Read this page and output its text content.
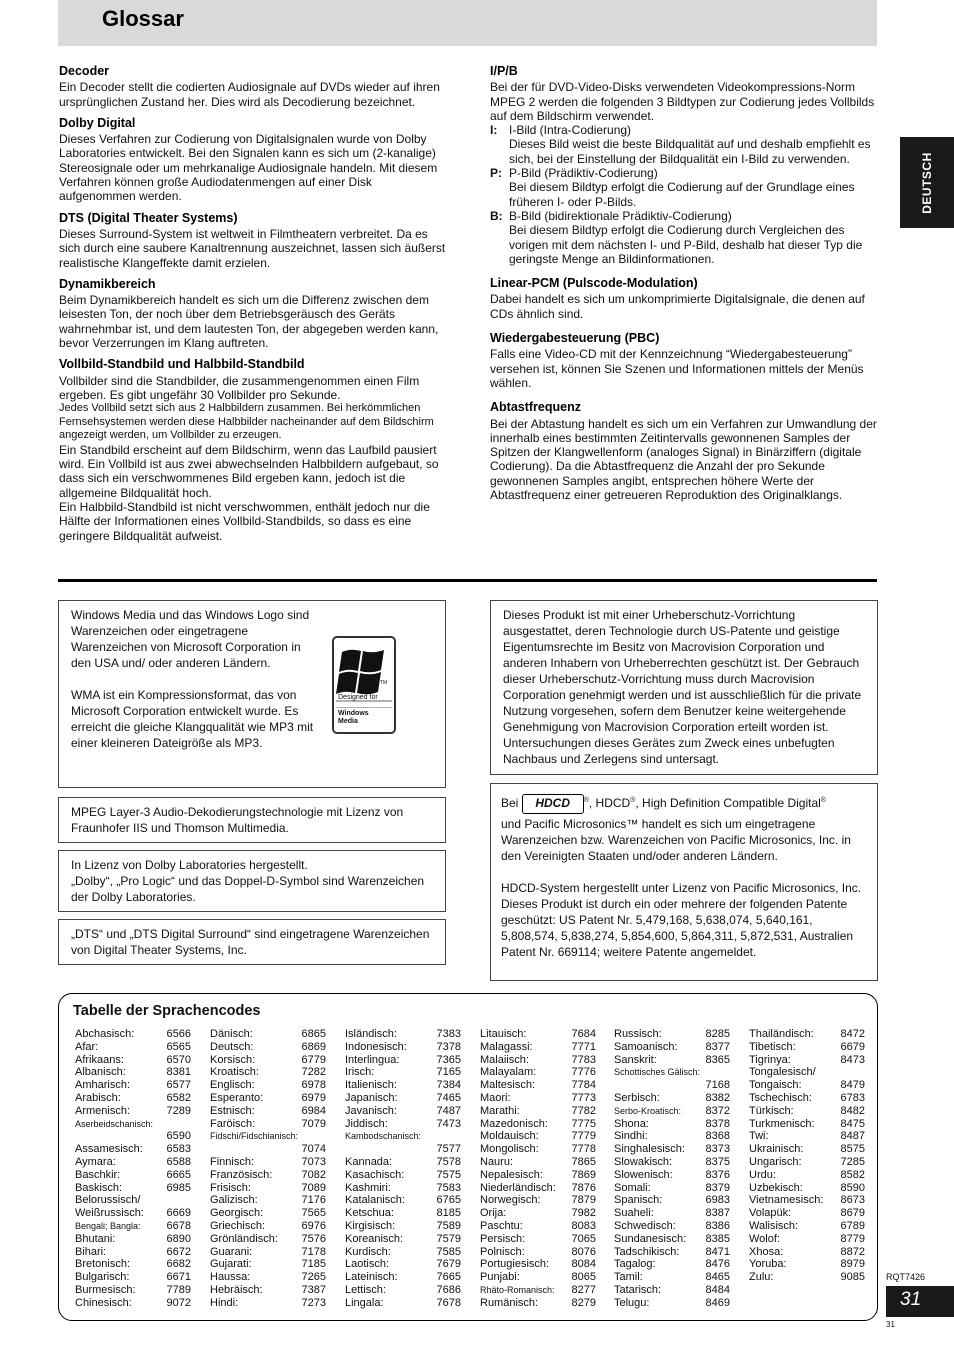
Glossar
DEUTSCH
Decoder

Ein Decoder stellt die codierten Audiosignale auf DVDs wieder auf ihren ursprünglichen Zustand her. Dies wird als Decodierung bezeichnet.

Dolby Digital

Dieses Verfahren zur Codierung von Digitalsignalen wurde von Dolby Laboratories entwickelt. Bei den Signalen kann es sich um (2-kanalige) Stereosignale oder um mehrkanalige Audiosignale handeln. Mit diesem Verfahren können große Audiodatenmengen auf einer Disk aufgenommen werden.

DTS (Digital Theater Systems)

Dieses Surround-System ist weltweit in Filmtheatern verbreitet. Da es sich durch eine saubere Kanaltrennung auszeichnet, lassen sich äußerst realistische Klangeffekte damit erzielen.

Dynamikbereich

Beim Dynamikbereich handelt es sich um die Differenz zwischen dem leisesten Ton, der noch über dem Betriebsgeräusch des Geräts wahrnehmbar ist, und dem lautesten Ton, der abgegeben werden kann, bevor Verzerrungen im Klang auftreten.

Vollbild-Standbild und Halbbild-Standbild

Vollbilder sind die Standbilder, die zusammengenommen einen Film ergeben. Es gibt ungefähr 30 Vollbilder pro Sekunde.

Jedes Vollbild setzt sich aus 2 Halbbildern zusammen. Bei herkömmlichen Fernsehsystemen werden diese Halbbilder nacheinander auf dem Bildschirm angezeigt werden, um Vollbilder zu erzeugen.

Ein Standbild erscheint auf dem Bildschirm, wenn das Laufbild pausiert wird. Ein Vollbild ist aus zwei abwechselnden Halbbildern aufgebaut, so dass sich ein verschwommenes Bild ergeben kann, jedoch ist die allgemeine Bildqualität hoch.

Ein Halbbild-Standbild ist nicht verschwommen, enthält jedoch nur die Hälfte der Informationen eines Vollbild-Standbilds, so dass es eine geringere Bildqualität aufweist.

I/P/B

Bei der für DVD-Video-Disks verwendeten Videokompressions-Norm MPEG 2 werden die folgenden 3 Bildtypen zur Codierung jedes Vollbilds auf dem Bildschirm verwendet.

I: I-Bild (Intra-Codierung)

Dieses Bild weist die beste Bildqualität auf und deshalb empfiehlt es sich, bei der Einstellung der Bildqualität ein I-Bild zu verwenden.

P: P-Bild (Prädiktiv-Codierung)

Bei diesem Bildtyp erfolgt die Codierung auf der Grundlage eines früheren I- oder P-Bilds.

B: B-Bild (bidirektionale Prädiktiv-Codierung)

Bei diesem Bildtyp erfolgt die Codierung durch Vergleichen des vorigen mit dem nächsten I- und P-Bild, deshalb hat dieser Typ die geringste Menge an Bildinformationen.

Linear-PCM (Pulscode-Modulation)

Dabei handelt es sich um unkomprimierte Digitalsignale, die denen auf CDs ähnlich sind.

Wiedergabesteuerung (PBC)

Falls eine Video-CD mit der Kennzeichnung “Wiedergabesteuerung” versehen ist, können Sie Szenen und Informationen mittels der Menüs wählen.

Abtastfrequenz

Bei der Abtastung handelt es sich um ein Verfahren zur Umwandlung der innerhalb eines bestimmten Zeitintervalls gewonnenen Samples der Spitzen der Klangwellenform (analoges Signal) in Binärziffern (digitale Codierung). Da die Abtastfrequenz die Anzahl der pro Sekunde gewonnenen Samples angibt, entsprechen höhere Werte der Abtastfrequenz einer getreueren Reproduktion des Originalklangs.

Windows Media und das Windows Logo sind Warenzeichen oder eingetragene Warenzeichen von Microsoft Corporation in den USA und/ oder anderen Ländern.

WMA ist ein Kompressionsformat, das von Microsoft Corporation entwickelt wurde. Es erreicht die gleiche Klangqualität wie MP3 mit einer kleineren Dateigröße als MP3.

TM
Designed for
Windows
Media

MPEG Layer-3 Audio-Dekodierungstechnologie mit Lizenz von Fraunhofer IIS und Thomson Multimedia.

In Lizenz von Dolby Laboratories hergestellt.

„Dolby“, „Pro Logic“ und das Doppel-D-Symbol sind Warenzeichen der Dolby Laboratories.

„DTS“ und „DTS Digital Surround“ sind eingetragene Warenzeichen von Digital Theater Systems, Inc.

Dieses Produkt ist mit einer Urheberschutz-Vorrichtung ausgestattet, deren Technologie durch US-Patente und geistige Eigentumsrechte im Besitz von Macrovision Corporation und anderen Inhabern von Urheberrechten geschützt ist. Der Gebrauch dieser Urheberschutz-Vorrichtung muss durch Macrovision Corporation genehmigt werden und ist ausschließlich für die private Nutzung vorgesehen, sofern dem Benutzer keine weitergehende Genehmigung von Macrovision Corporation erteilt worden ist. Untersuchungen dieses Gerätes zum Zweck eines unbefugten Nachbaus und Zerlegens sind untersagt.

Bei HDCD ®, HDCD®, High Definition Compatible Digital®

und Pacific Microsonics™ handelt es sich um eingetragene Warenzeichen bzw. Warenzeichen von Pacific Microsonics, Inc. in den Vereinigten Staaten und/oder anderen Ländern.

HDCD-System hergestellt unter Lizenz von Pacific Microsonics, Inc. Dieses Produkt ist durch ein oder mehrere der folgenden Patente geschützt: US Patent Nr. 5,479,168, 5,638,074, 5,640,161, 5,808,574, 5,838,274, 5,854,600, 5,864,311, 5,872,531, Australien Patent Nr. 669114; weitere Patente angemeldet.

Tabelle der Sprachencodes
Abchasisch:	6566
Afar:	6565
Afrikaans:	6570
Albanisch:	8381
Amharisch:	6577
Arabisch:	6582
Armenisch:	7289
Aserbeidschanisch:
6590
Assamesisch: 6583
Aymara:	6588
Baschkir:	6665
Baskisch:	6985
Belorussisch/
Weißrussisch: 6669
Bengali; Bangla: 6678
Bhutani:	6890
Bihari:	6672
Bretonisch:	6682
Bulgarisch:	6671
Burmesisch:	7789
Chinesisch:	9072
Dänisch:	6865
Deutsch:	6869
Korsisch:	6779
Kroatisch:	7282
Englisch:	6978
Esperanto:	6979
Estnisch:	6984
Faröisch:	7079
Fidschi/Fidschianisch:
7074
Finnisch:	7073
Französisch:	7082
Frisisch:	7089
Galizisch:	7176
Georgisch:	7565
Griechisch:	6976
Grönländisch: 7576
Guarani:	7178
Gujarati:	7185
Haussa:	7265
Hebräisch:	7387
Hindi:	7273
Isländisch:	7383
Indonesisch:	7378
Interlingua:	7365
Irisch:	7165
Italienisch:	7384
Japanisch:	7465
Javanisch:	7487
Jiddisch:	7473
Kambodschanisch:
7577
Kannada:	7578
Kasachisch:	7575
Kashmiri:	7583
Katalanisch:	6765
Ketschua:	8185
Kirgisisch:	7589
Koreanisch:	7579
Kurdisch:	7585
Laotisch:	7679
Lateinisch:	7665
Lettisch:	7686
Lingala:	7678
Litauisch:	7684
Malagassi:	7771
Malaiisch:	7783
Malayalam:	7776
Maltesisch:	7784
Maori:	7773
Marathi:	7782
Mazedonisch: 7775
Moldauisch:	7779
Mongolisch:	7778
Nauru:	7865
Nepalesisch:	7869
Niederländisch: 7876
Norwegisch:	7879
Orija:	7982
Paschtu:	8083
Persisch:	7065
Polnisch:	8076
Portugiesisch: 8084
Punjabi:	8065
Rhäto-Romanisch: 8277
Rumänisch:	8279
Russisch:	8285
Samoanisch:	8377
Sanskrit:	8365
Schottisches Gälisch:
7168
Serbisch:	8382
Serbo-Kroatisch: 8372
Shona:	8378
Sindhi:	8368
Singhalesisch: 8373
Slowakisch:	8375
Slowenisch:	8376
Somali:	8379
Spanisch:	6983
Suaheli:	8387
Schwedisch:	8386
Sundanesisch: 8385
Tadschikisch: 8471
Tagalog:	8476
Tamil:	8465
Tatarisch:	8484
Telugu:	8469
Thailändisch: 8472
Tibetisch:	6679
Tigrinya:	8473
Tongalesisch/
Tongaisch:	8479
Tschechisch:	6783
Türkisch:	8482
Turkmenisch: 8475
Twi:	8487
Ukrainisch:	8575
Ungarisch:	7285
Urdu:	8582
Uzbekisch:	8590
Vietnamesisch: 8673
Volapük:	8679
Walisisch:	6789
Wolof:	8779
Xhosa:	8872
Yoruba:	8979
Zulu:	9085 RQT7426
31
31
